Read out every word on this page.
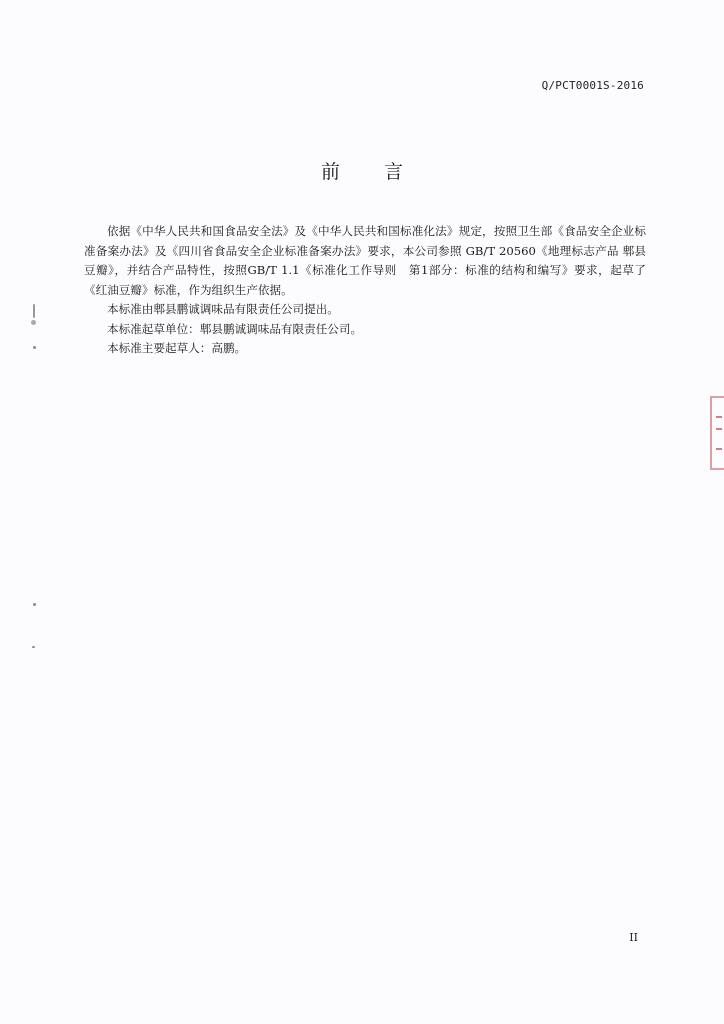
Q/PCT0001S-2016
前 言

依据《中华人民共和国食品安全法》及《中华人民共和国标准化法》规定，按照卫生部《食品安全企业标准备案办法》及《四川省食品安全企业标准备案办法》要求，本公司参照 GB/T 20560《地理标志产品 郫县豆瓣》，并结合产品特性，按照GB/T 1.1《标准化工作导则　第1部分：标准的结构和编写》要求，起草了《红油豆瓣》标准，作为组织生产依据。

本标准由郫县鹏诚调味品有限责任公司提出。

本标准起草单位：郫县鹏诚调味品有限责任公司。

本标准主要起草人：高鹏。

II
